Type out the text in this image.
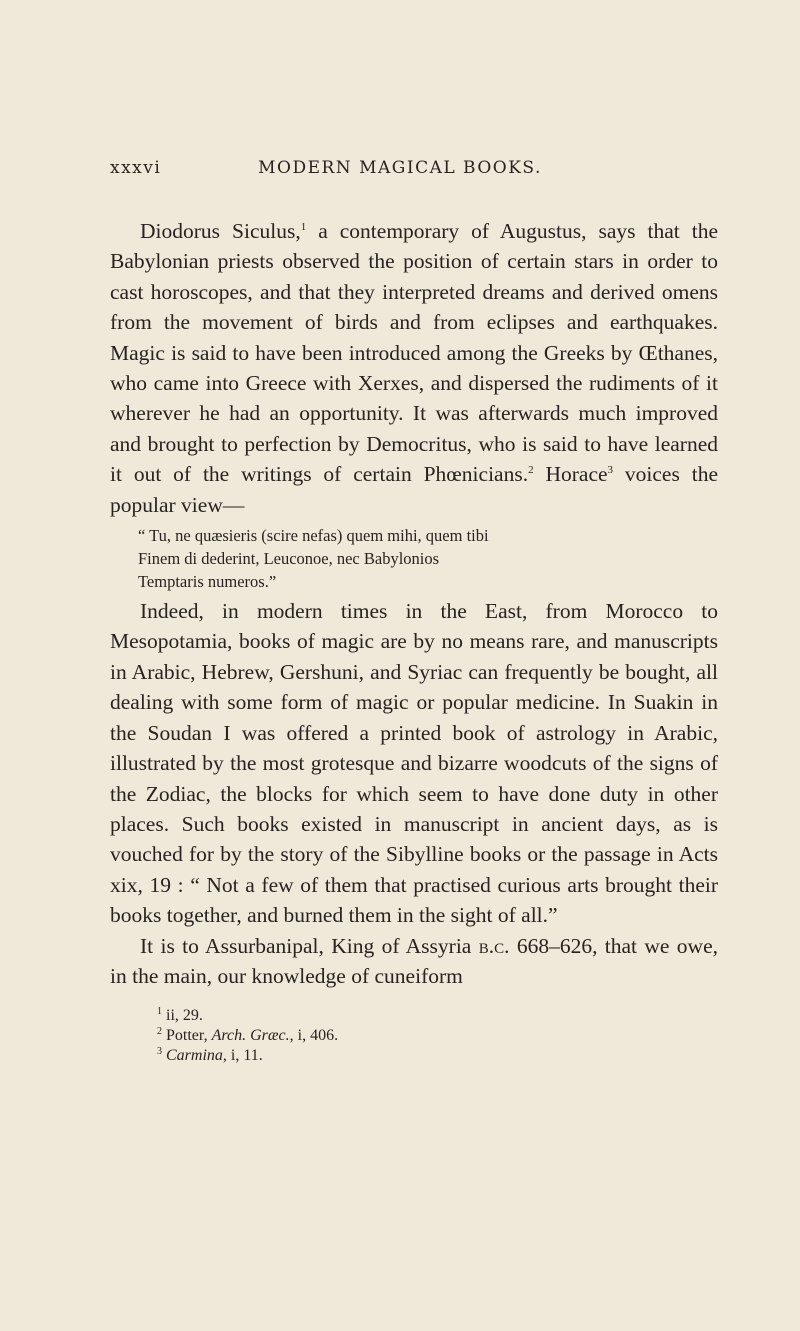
xxxvi	MODERN MAGICAL BOOKS.

Diodorus Siculus,$^1$ a contemporary of Augustus, says that the Babylonian priests observed the position of certain stars in order to cast horoscopes, and that they interpreted dreams and derived omens from the movement of birds and from eclipses and earthquakes. Magic is said to have been introduced among the Greeks by Œthanes, who came into Greece with Xerxes, and dispersed the rudiments of it wherever he had an opportunity. It was afterwards much improved and brought to perfection by Democritus, who is said to have learned it out of the writings of certain Phœnicians.$^2$ Horace$^3$ voices the popular view—

“ Tu, ne quæsieris (scire nefas) quem mihi, quem tibi
Finem di dederint, Leuconoe, nec Babylonios
Temptaris numeros.”

Indeed, in modern times in the East, from Morocco to Mesopotamia, books of magic are by no means rare, and manuscripts in Arabic, Hebrew, Gershuni, and Syriac can frequently be bought, all dealing with some form of magic or popular medicine. In Suakin in the Soudan I was offered a printed book of astrology in Arabic, illustrated by the most grotesque and bizarre woodcuts of the signs of the Zodiac, the blocks for which seem to have done duty in other places. Such books existed in manuscript in ancient days, as is vouched for by the story of the Sibylline books or the passage in Acts xix, 19 : “ Not a few of them that practised curious arts brought their books together, and burned them in the sight of all.”

It is to Assurbanipal, King of Assyria b.c. 668–626, that we owe, in the main, our knowledge of cuneiform

$^1$ ii, 29.
$^2$ Potter, Arch. Græc., i, 406.
$^3$ Carmina, i, 11.
